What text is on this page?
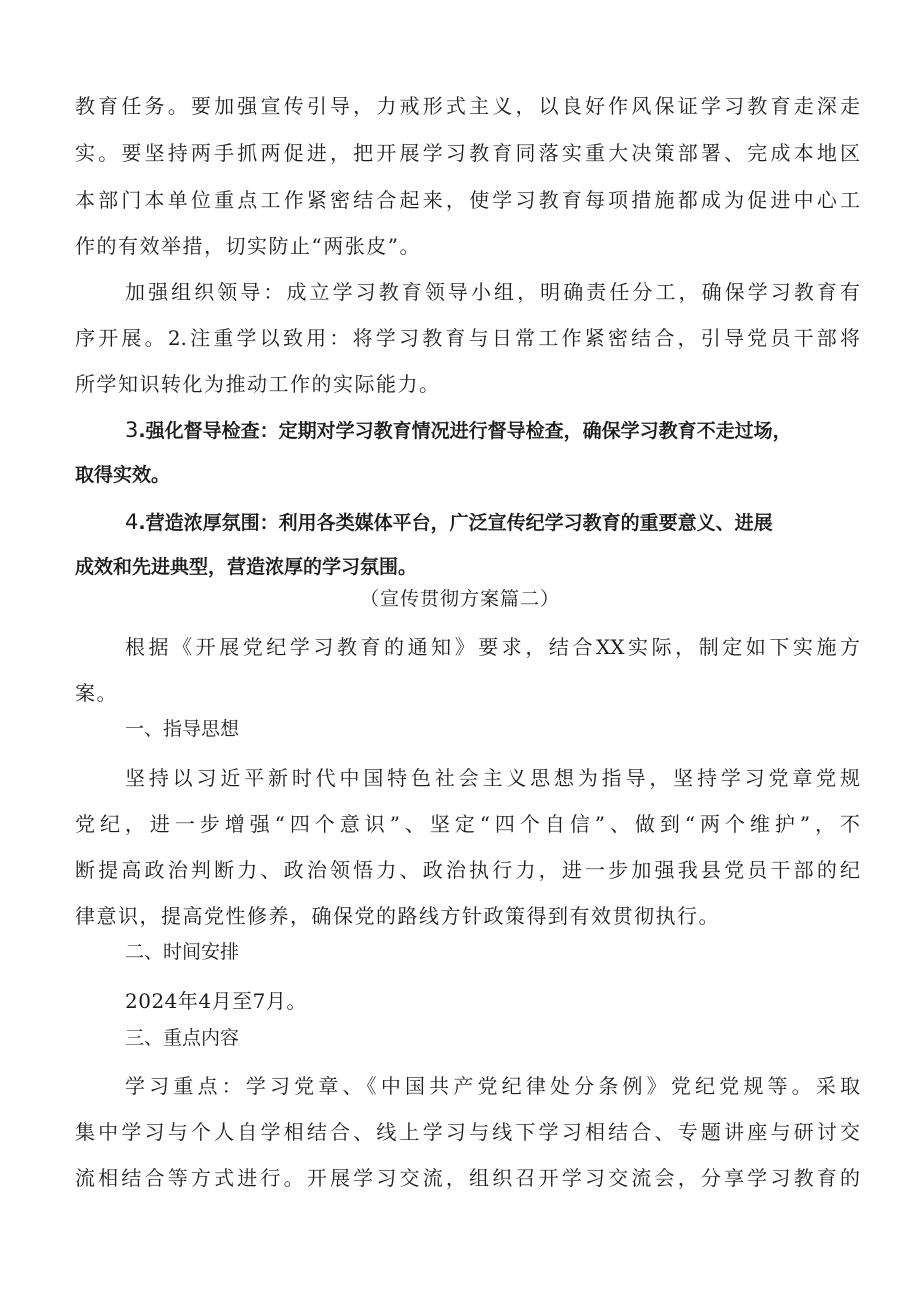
教育任务。要加强宣传引导，力戒形式主义，以良好作风保证学习教育走深走
实。要坚持两手抓两促进，把开展学习教育同落实重大决策部署、完成本地区
本部门本单位重点工作紧密结合起来，使学习教育每项措施都成为促进中心工
作的有效举措，切实防止“两张皮”。
加强组织领导：成立学习教育领导小组，明确责任分工，确保学习教育有
序开展。2.注重学以致用：将学习教育与日常工作紧密结合，引导党员干部将
所学知识转化为推动工作的实际能力。
3.强化督导检查：定期对学习教育情况进行督导检查，确保学习教育不走过场，
取得实效。
4.营造浓厚氛围：利用各类媒体平台，广泛宣传纪学习教育的重要意义、进展
成效和先进典型，营造浓厚的学习氛围。
（宣传贯彻方案篇二）
根据《开展党纪学习教育的通知》要求，结合XX实际，制定如下实施方
案。
一、指导思想
坚持以习近平新时代中国特色社会主义思想为指导，坚持学习党章党规
党纪，进一步增强“四个意识”、坚定“四个自信”、做到“两个维护”，不
断提高政治判断力、政治领悟力、政治执行力，进一步加强我县党员干部的纪
律意识，提高党性修养，确保党的路线方针政策得到有效贯彻执行。
二、时间安排
2024年4月至7月。
三、重点内容
学习重点：学习党章、《中国共产党纪律处分条例》党纪党规等。采取
集中学习与个人自学相结合、线上学习与线下学习相结合、专题讲座与研讨交
流相结合等方式进行。开展学习交流，组织召开学习交流会，分享学习教育的
